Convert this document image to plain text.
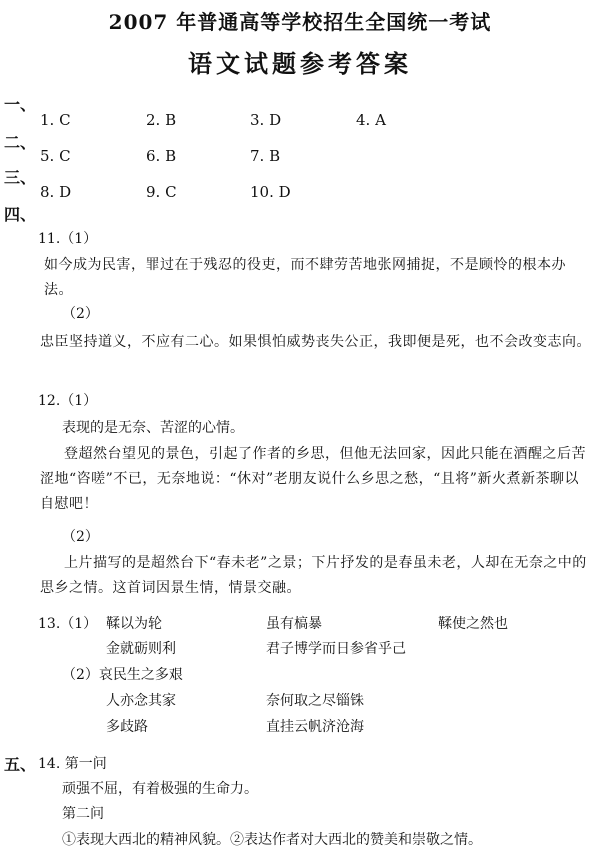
2007 年普通高等学校招生全国统一考试
语文试题参考答案
一、
1. C	2. B	3. D	4. A
二、
5. C	6. B	7. B
三、
8. D	9. C	10. D
四、
11.（1）
如今成为民害，罪过在于残忍的役吏，而不肆劳苦地张网捕捉，不是顾怜的根本办法。
（2）
忠臣坚持道义，不应有二心。如果惧怕威势丧失公正，我即便是死，也不会改变志向。
12.（1）
表现的是无奈、苦涩的心情。
登超然台望见的景色，引起了作者的乡思，但他无法回家，因此只能在酒醒之后苦涩地“咨嗟”不已，无奈地说：“休对”老朋友说什么乡思之愁，“且将”新火煮新茶聊以自慰吧！
（2）
上片描写的是超然台下“春未老”之景；下片抒发的是春虽未老，人却在无奈之中的思乡之情。这首词因景生情，情景交融。
13.（1） 鞣以为轮	虽有槁暴	鞣使之然也
金就砺则利	君子博学而日参省乎己
（2）哀民生之多艰
人亦念其家	奈何取之尽锱铢
多歧路	直挂云帆济沧海
五、 14. 第一问
顽强不屈，有着极强的生命力。
第二问
①表现大西北的精神风貌。②表达作者对大西北的赞美和崇敬之情。
